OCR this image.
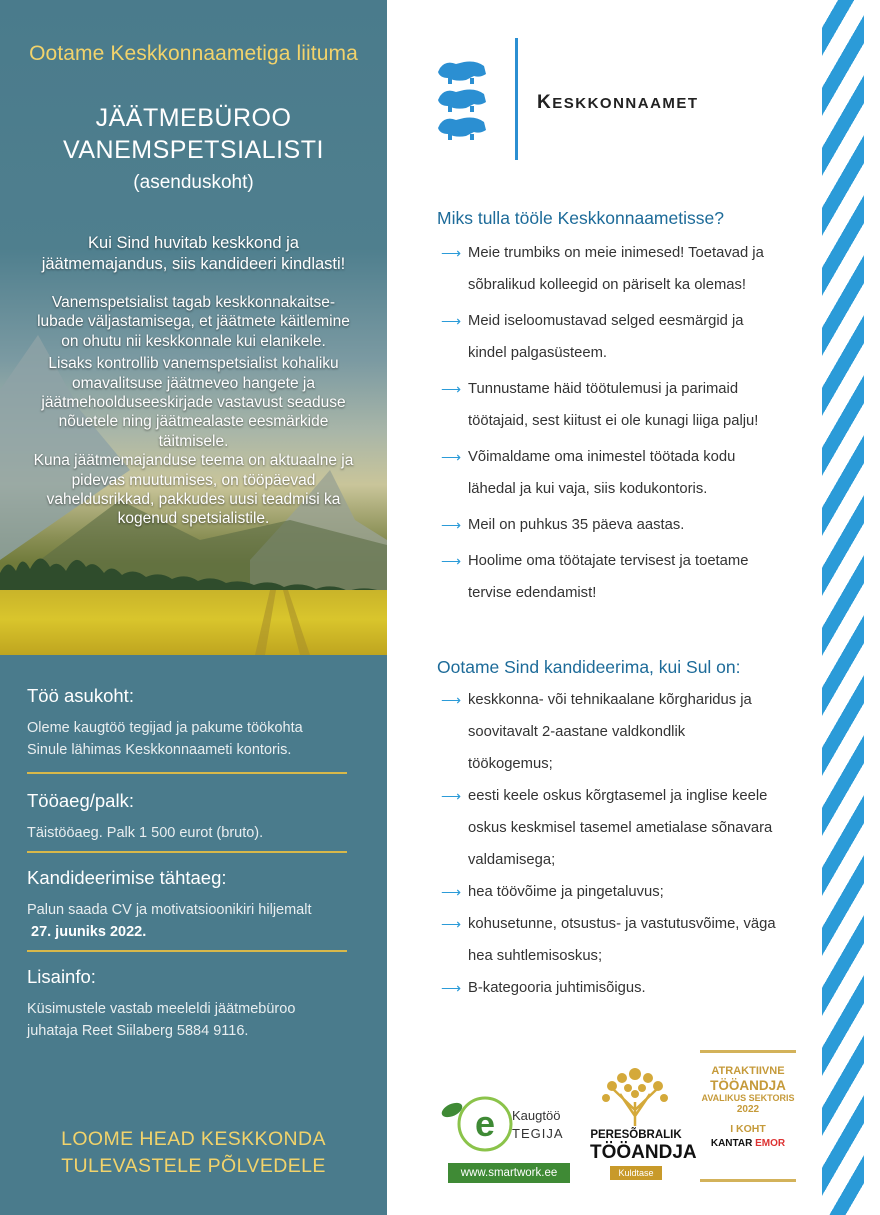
Ootame Keskkonnaametiga liituma
JÄÄTMEBÜROO
VANEMSPETSIALISTI
(asenduskoht)
Kui Sind huvitab keskkond ja
jäätmemajandus, siis kandideeri kindlasti!
Vanemspetsialist tagab keskkonnakaitse-
lubade väljastamisega, et jäätmete käitlemine
on ohutu nii keskkonnale kui elanikele.
Lisaks kontrollib vanemspetsialist kohaliku
omavalitsuse jäätmeveo hangete ja
jäätmehoolduseeskirjade vastavust seaduse
nõuetele ning jäätmealaste eesmärkide
täitmisele.
Kuna jäätmemajanduse teema on aktuaalne ja
pidevas muutumises, on tööpäevad
vaheldusrikkad, pakkudes uusi teadmisi ka
kogenud spetsialistile.
Töö asukoht:

Oleme kaugtöö tegijad ja pakume töökohta
Sinule lähimas Keskkonnaameti kontoris.

Tööaeg/palk:

Täistööaeg. Palk 1 500 eurot (bruto).

Kandideerimise tähtaeg:

Palun saada CV ja motivatsioonikiri hiljemalt
27. juuniks 2022.

Lisainfo:

Küsimustele vastab meeleldi jäätmebüroo
juhataja Reet Siilaberg 5884 9116.

LOOME HEAD KESKKONDA
TULEVASTELE PÕLVEDELE
KESKKONNAAMET
Miks tulla tööle Keskkonnaametisse?
⟶ Meie trumbiks on meie inimesed! Toetavad ja
sõbralikud kolleegid on päriselt ka olemas!
⟶ Meid iseloomustavad selged eesmärgid ja
kindel palgasüsteem.
⟶ Tunnustame häid töötulemusi ja parimaid
töötajaid, sest kiitust ei ole kunagi liiga palju!
⟶ Võimaldame oma inimestel töötada kodu
lähedal ja kui vaja, siis kodukontoris.
⟶ Meil on puhkus 35 päeva aastas.
⟶ Hoolime oma töötajate tervisest ja toetame
tervise edendamist!
Ootame Sind kandideerima, kui Sul on:
⟶ keskkonna- või tehnikaalane kõrgharidus ja
soovitavalt 2-aastane valdkondlik
töökogemus;
⟶ eesti keele oskus kõrgtasemel ja inglise keele
oskus keskmisel tasemel ametialase sõnavara
valdamisega;
⟶ hea töövõime ja pingetaluvus;
⟶ kohusetunne, otsustus- ja vastutusvõime, väga
hea suhtlemisoskus;
⟶ B-kategooria juhtimisõigus.
e Kaugtöö
TEGIJA
www.smartwork.ee
PERESÕBRALIK
TÖÖANDJA
Kuldtase
ATRAKTIIVNE
TÖÖANDJA
AVALIKUS SEKTORIS
2022
I KOHT
KANTAR EMOR
